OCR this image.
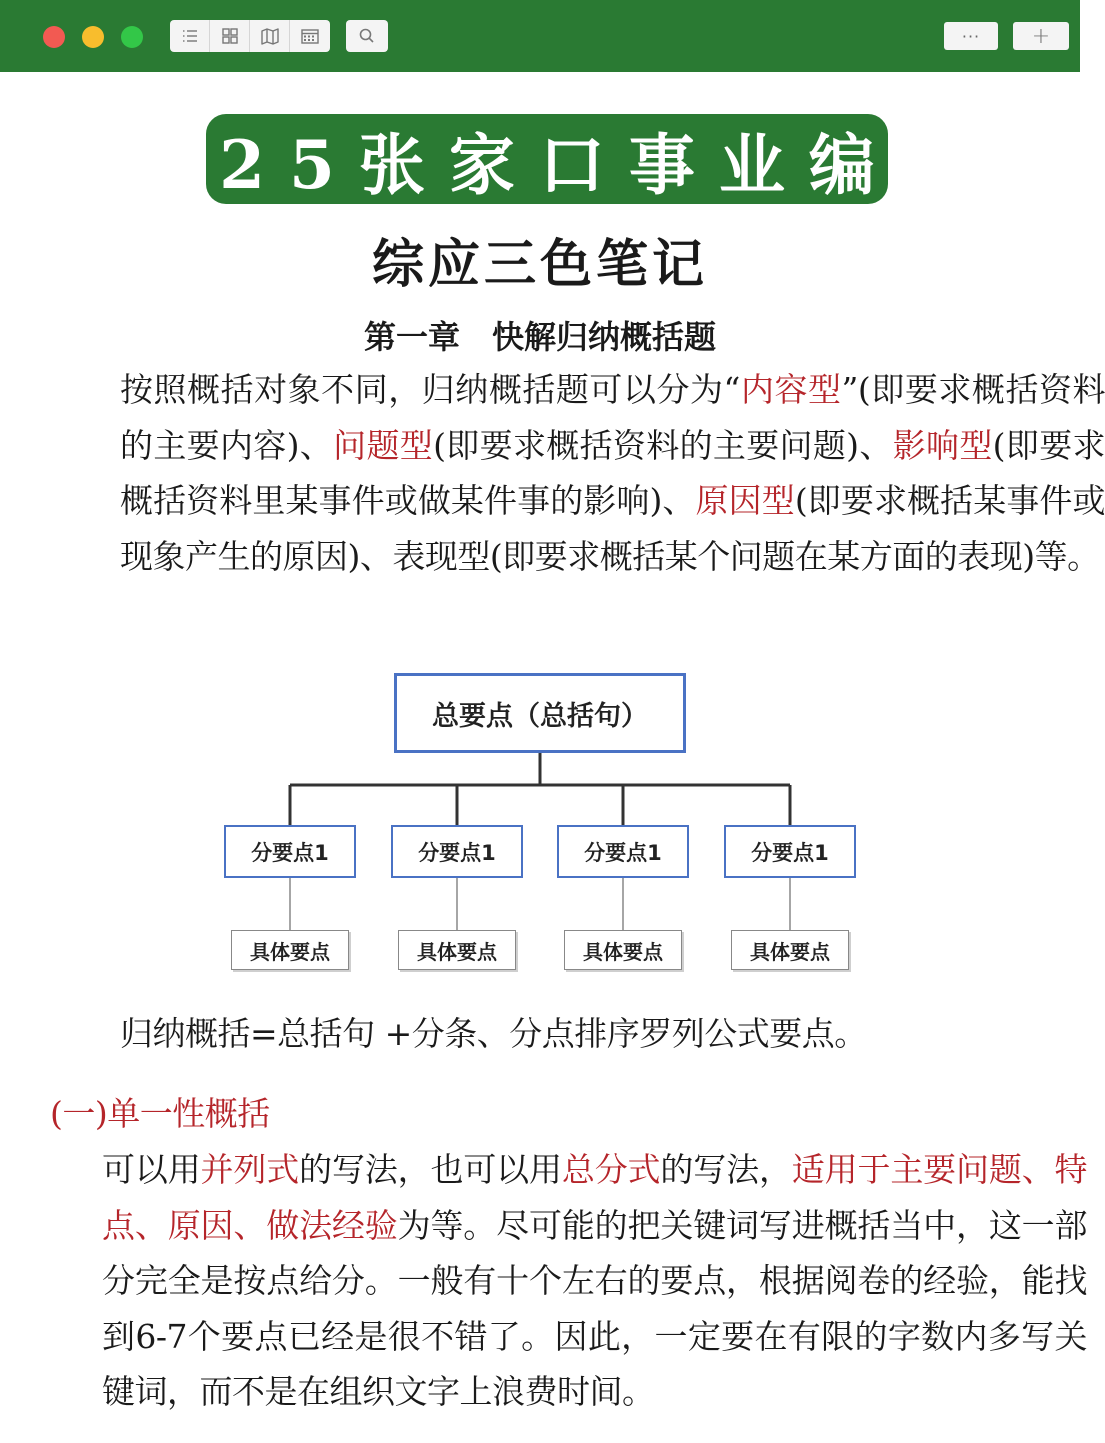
···	+
25张家口事业编
综应三色笔记
第一章　快解归纳概括题
按照概括对象不同，归纳概括题可以分为“内容型”(即要求概括资料的主要内容)、问题型(即要求概括资料的主要问题)、影响型(即要求概括资料里某事件或做某件事的影响)、原因型(即要求概括某事件或现象产生的原因)、表现型(即要求概括某个问题在某方面的表现)等。
总要点（总括句）
分要点1	分要点1	分要点1	分要点1
具体要点	具体要点	具体要点	具体要点
归纳概括=总括句 +分条、分点排序罗列公式要点。
(一)单一性概括
可以用并列式的写法，也可以用总分式的写法，适用于主要问题、特点、原因、做法经验为等。尽可能的把关键词写进概括当中，这一部分完全是按点给分。一般有十个左右的要点，根据阅卷的经验，能找到6-7个要点已经是很不错了。因此，一定要在有限的字数内多写关键词，而不是在组织文字上浪费时间。
